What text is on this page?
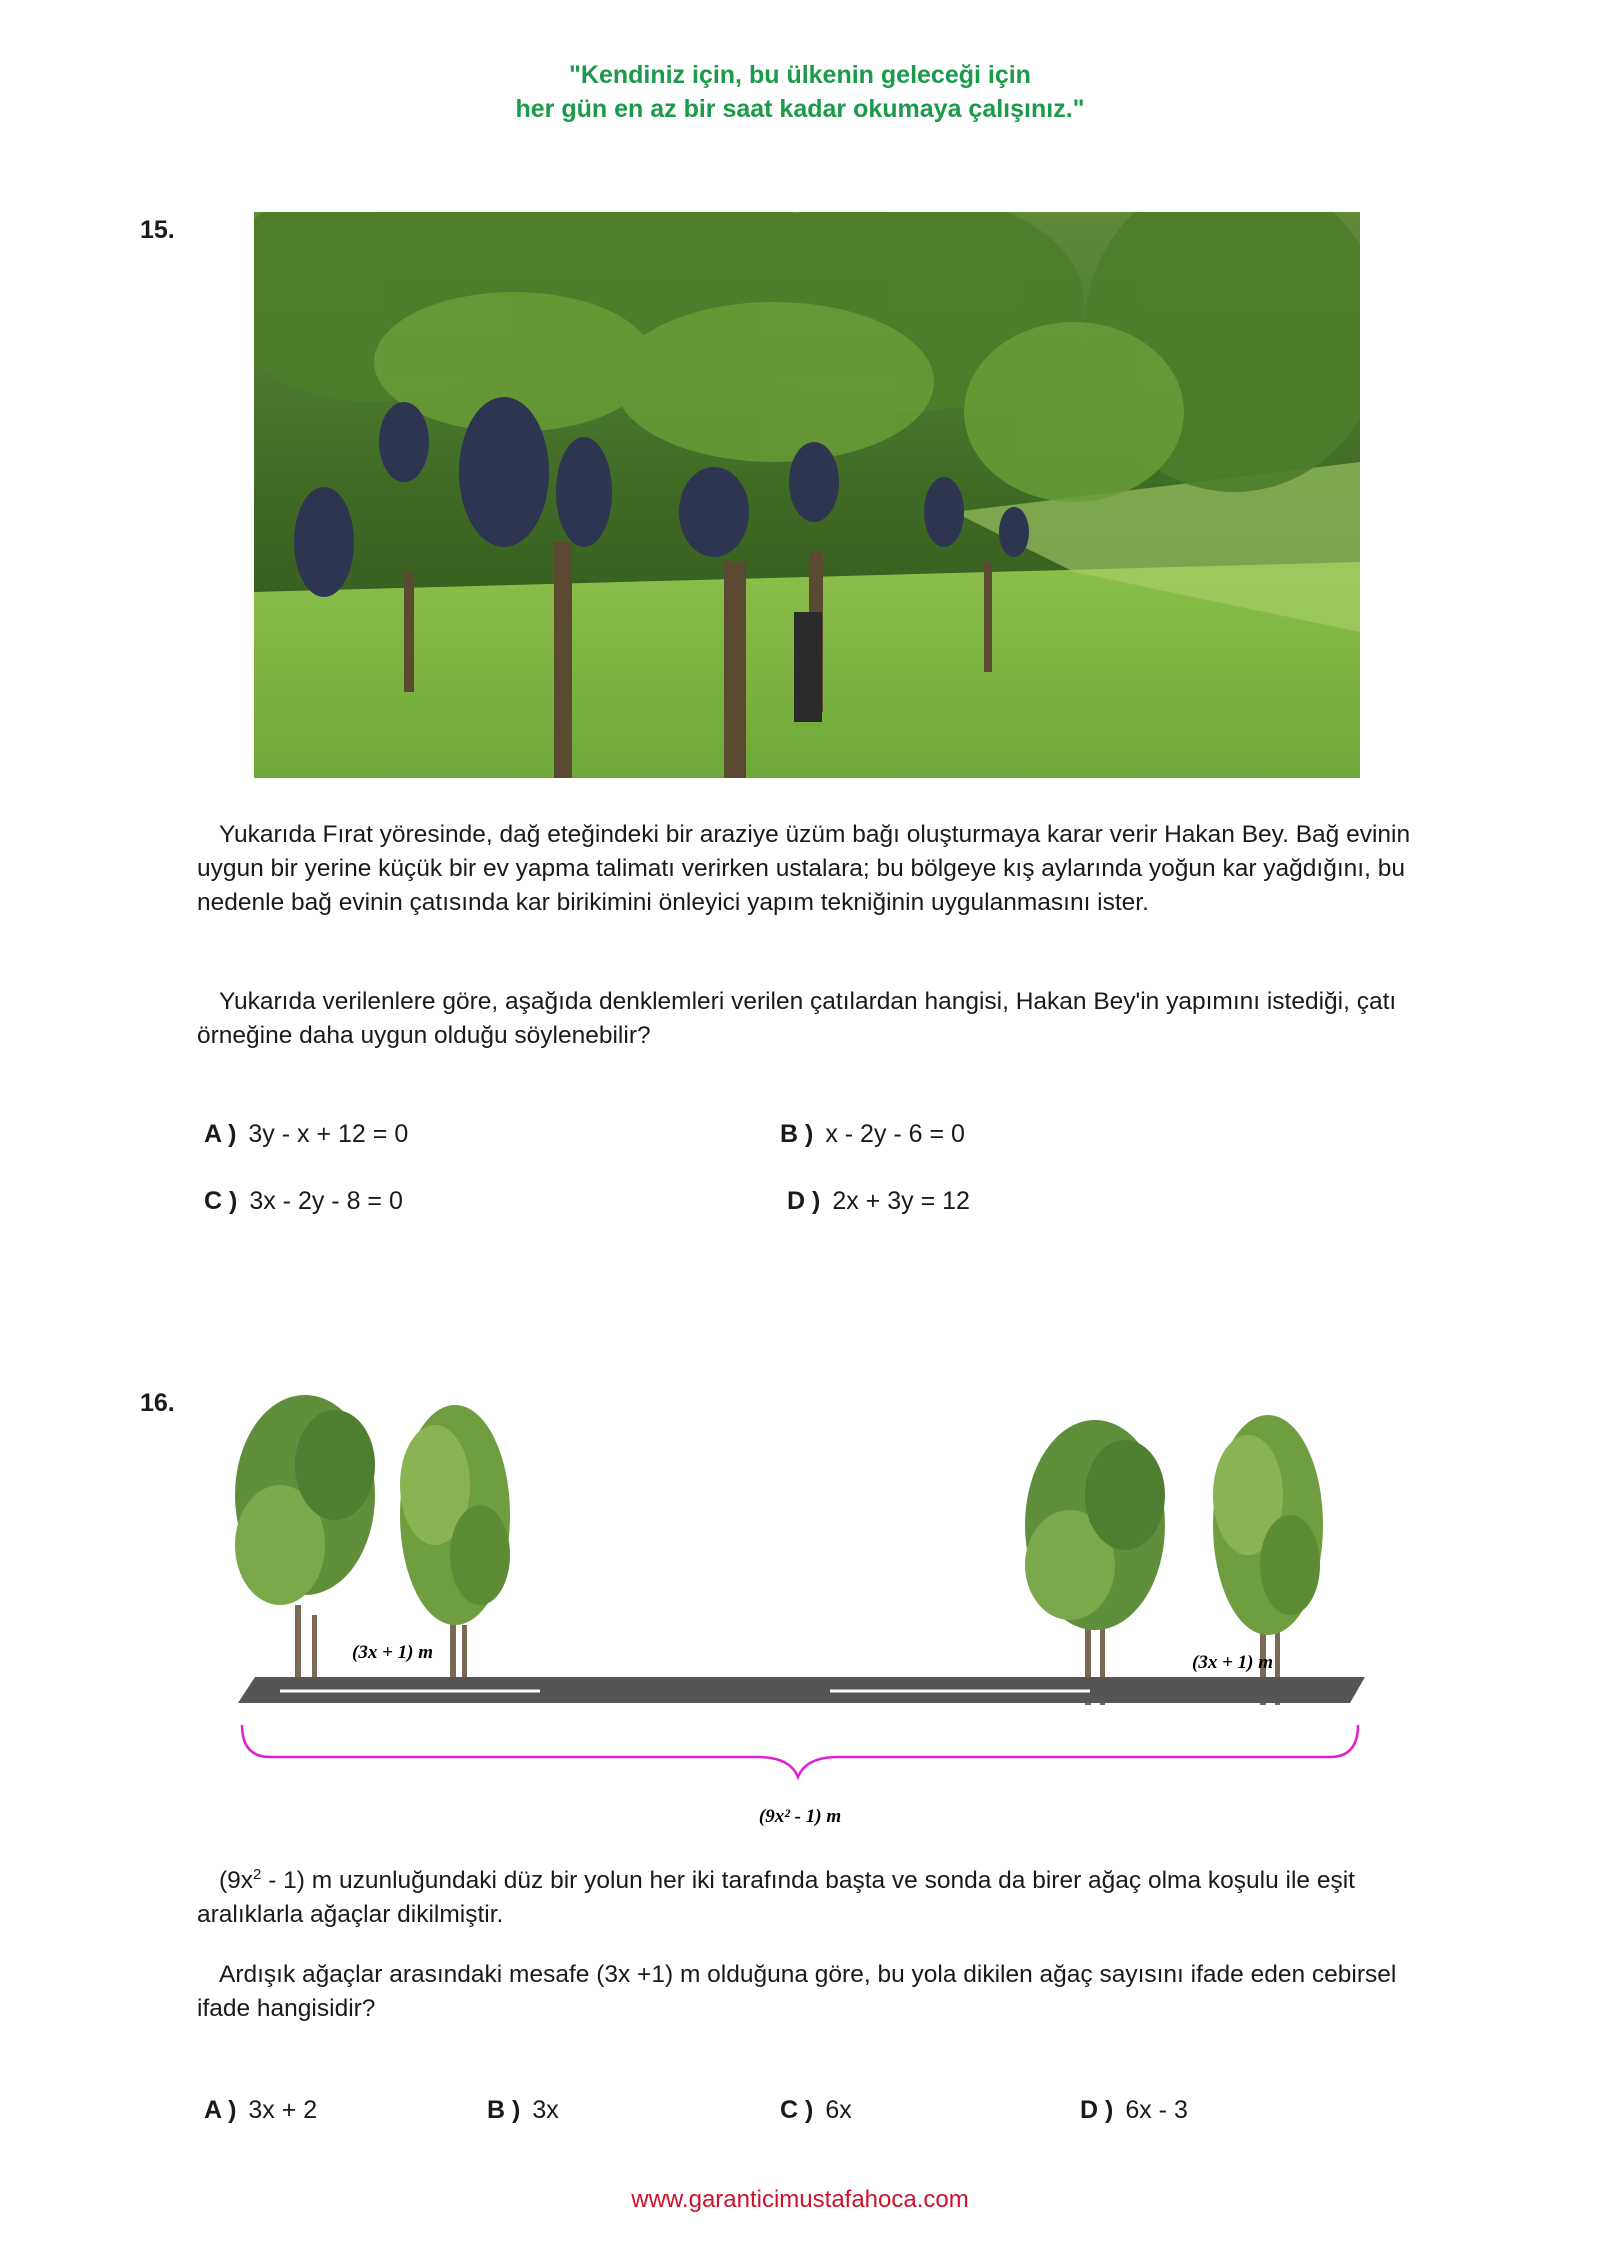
"Kendiniz için, bu ülkenin geleceği için
her gün en az bir saat kadar okumaya çalışınız."
15.
Yukarıda Fırat yöresinde, dağ eteğindeki bir araziye üzüm bağı oluşturmaya karar verir Hakan Bey. Bağ evinin uygun bir yerine küçük bir ev yapma talimatı verirken ustalara; bu bölgeye kış aylarında yoğun kar yağdığını, bu nedenle bağ evinin çatısında kar birikimini önleyici yapım tekniğinin uygulanmasını ister.
Yukarıda verilenlere göre, aşağıda denklemleri verilen çatılardan hangisi, Hakan Bey'in yapımını istediği, çatı örneğine daha uygun olduğu söylenebilir?
A ) 3y - x + 12 = 0	B ) x - 2y - 6 = 0
C ) 3x - 2y - 8 = 0	D ) 2x + 3y = 12
16.
(3x + 1) m	(3x + 1) m
(9x² - 1) m
$(9x^2 - 1)$ m uzunluğundaki düz bir yolun her iki tarafında başta ve sonda da birer ağaç olma koşulu ile eşit aralıklarla ağaçlar dikilmiştir.
Ardışık ağaçlar arasındaki mesafe (3x +1) m olduğuna göre, bu yola dikilen ağaç sayısını ifade eden cebirsel ifade hangisidir?
A ) 3x + 2	B ) 3x	C ) 6x	D ) 6x - 3
www.garanticimustafahoca.com
